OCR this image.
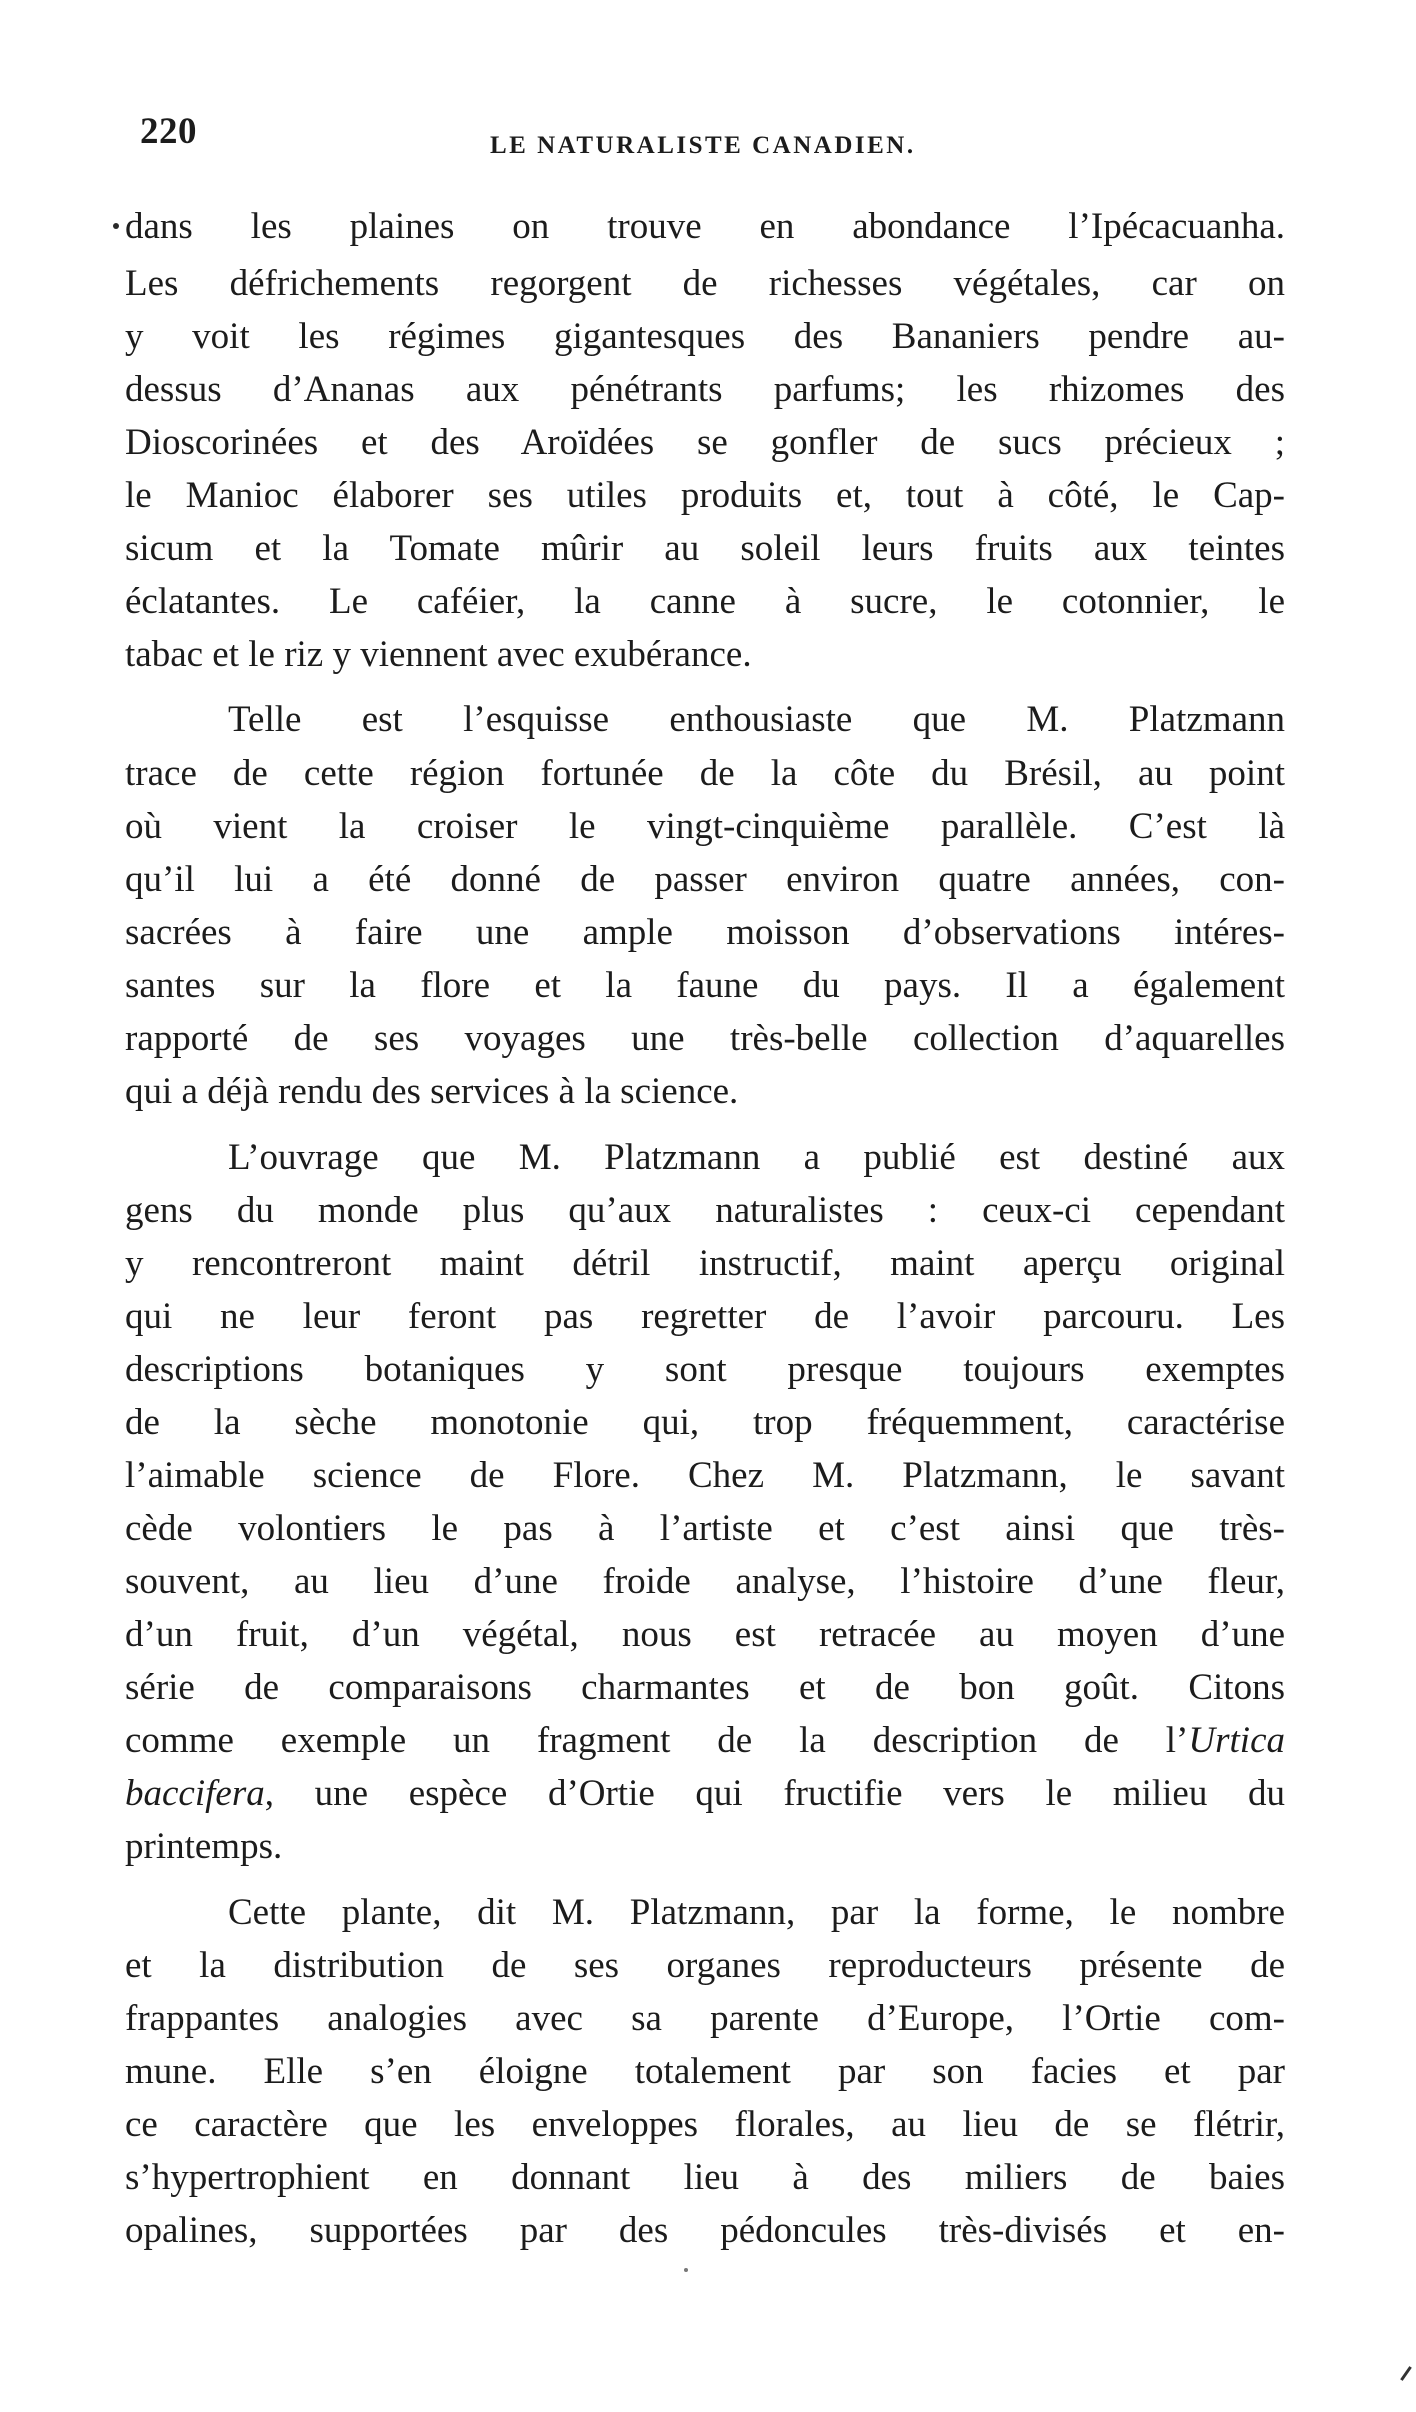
220	LE NATURALISTE CANADIEN.
dans les plaines on trouve en abondance l’Ipécacuanha.
Les défrichements regorgent de richesses végétales, car on
y voit les régimes gigantesques des Bananiers pendre au-
dessus d’Ananas aux pénétrants parfums; les rhizomes des
Dioscorinées et des Aroïdées se gonfler de sucs précieux ;
le Manioc élaborer ses utiles produits et, tout à côté, le Cap-
sicum et la Tomate mûrir au soleil leurs fruits aux teintes
éclatantes. Le caféier, la canne à sucre, le cotonnier, le
tabac et le riz y viennent avec exubérance.
Telle est l’esquisse enthousiaste que M. Platzmann
trace de cette région fortunée de la côte du Brésil, au point
où vient la croiser le vingt-cinquième parallèle. C’est là
qu’il lui a été donné de passer environ quatre années, con-
sacrées à faire une ample moisson d’observations intéres-
santes sur la flore et la faune du pays. Il a également
rapporté de ses voyages une très-belle collection d’aquarelles
qui a déjà rendu des services à la science.
L’ouvrage que M. Platzmann a publié est destiné aux
gens du monde plus qu’aux naturalistes : ceux-ci cependant
y rencontreront maint détril instructif, maint aperçu original
qui ne leur feront pas regretter de l’avoir parcouru. Les
descriptions botaniques y sont presque toujours exemptes
de la sèche monotonie qui, trop fréquemment, caractérise
l’aimable science de Flore. Chez M. Platzmann, le savant
cède volontiers le pas à l’artiste et c’est ainsi que très-
souvent, au lieu d’une froide analyse, l’histoire d’une fleur,
d’un fruit, d’un végétal, nous est retracée au moyen d’une
série de comparaisons charmantes et de bon goût. Citons
comme exemple un fragment de la description de l’Urtica
baccifera, une espèce d’Ortie qui fructifie vers le milieu du
printemps.
Cette plante, dit M. Platzmann, par la forme, le nombre
et la distribution de ses organes reproducteurs présente de
frappantes analogies avec sa parente d’Europe, l’Ortie com-
mune. Elle s’en éloigne totalement par son facies et par
ce caractère que les enveloppes florales, au lieu de se flétrir,
s’hypertrophient en donnant lieu à des miliers de baies
opalines, supportées par des pédoncules très-divisés et en-
